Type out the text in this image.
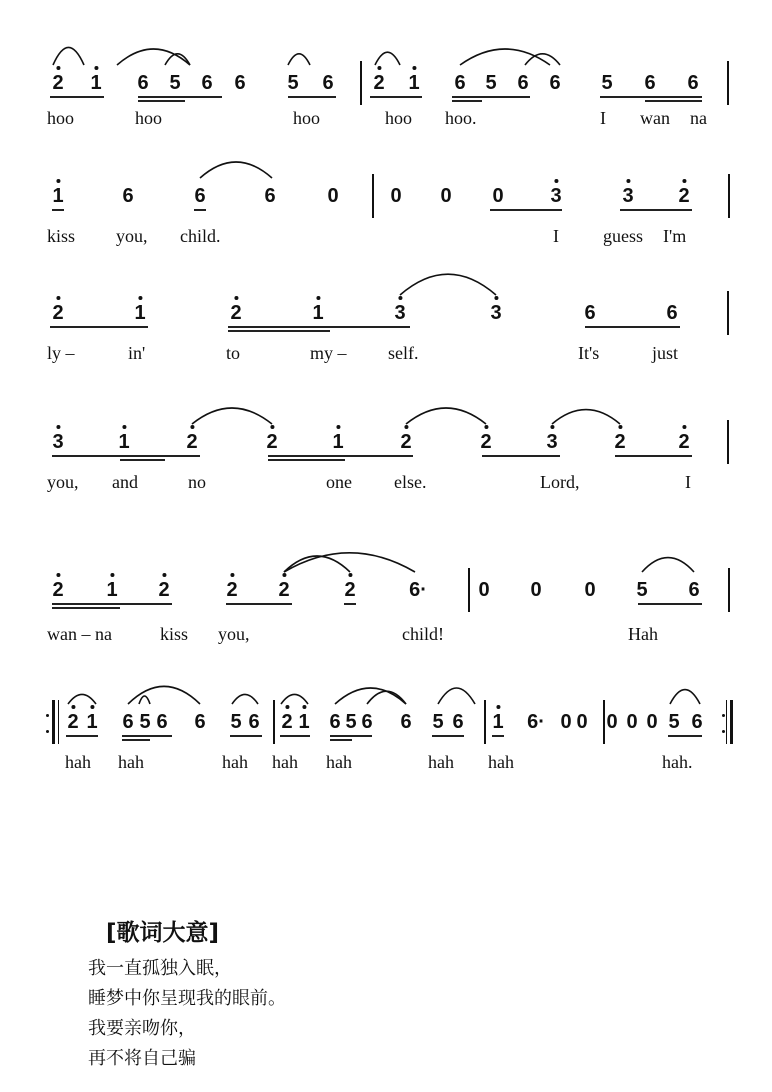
2 1 6 5 6 6 5 6 2 1 6 5 6 6 5 6 6
hoo	hoo	hoo	hoo hoo.	I wan na
1	6	6	6	0	0 0 0 3	3 2
kiss you, child.	I guess I'm
2	1	2	1	3	3	6	6
ly –	in'	to	my – self.	It's	just
3	1	2	2	1	2	2	3	2	2
you, and	no	one else.	Lord,	I
2 1 2	2 2	2	6·	0 0 0 5 6
wan – na	kiss you,	child!	Hah
2 1 6 5 6 6 5 6 2 1 6 5 6 6 5 6 1 6· 0 0 0 0 0 5 6
hah hah	hah hah hah	hah hah	hah.
[歌词大意]
我一直孤独入眠，
睡梦中你呈现我的眼前。
我要亲吻你，
再不将自己骗
